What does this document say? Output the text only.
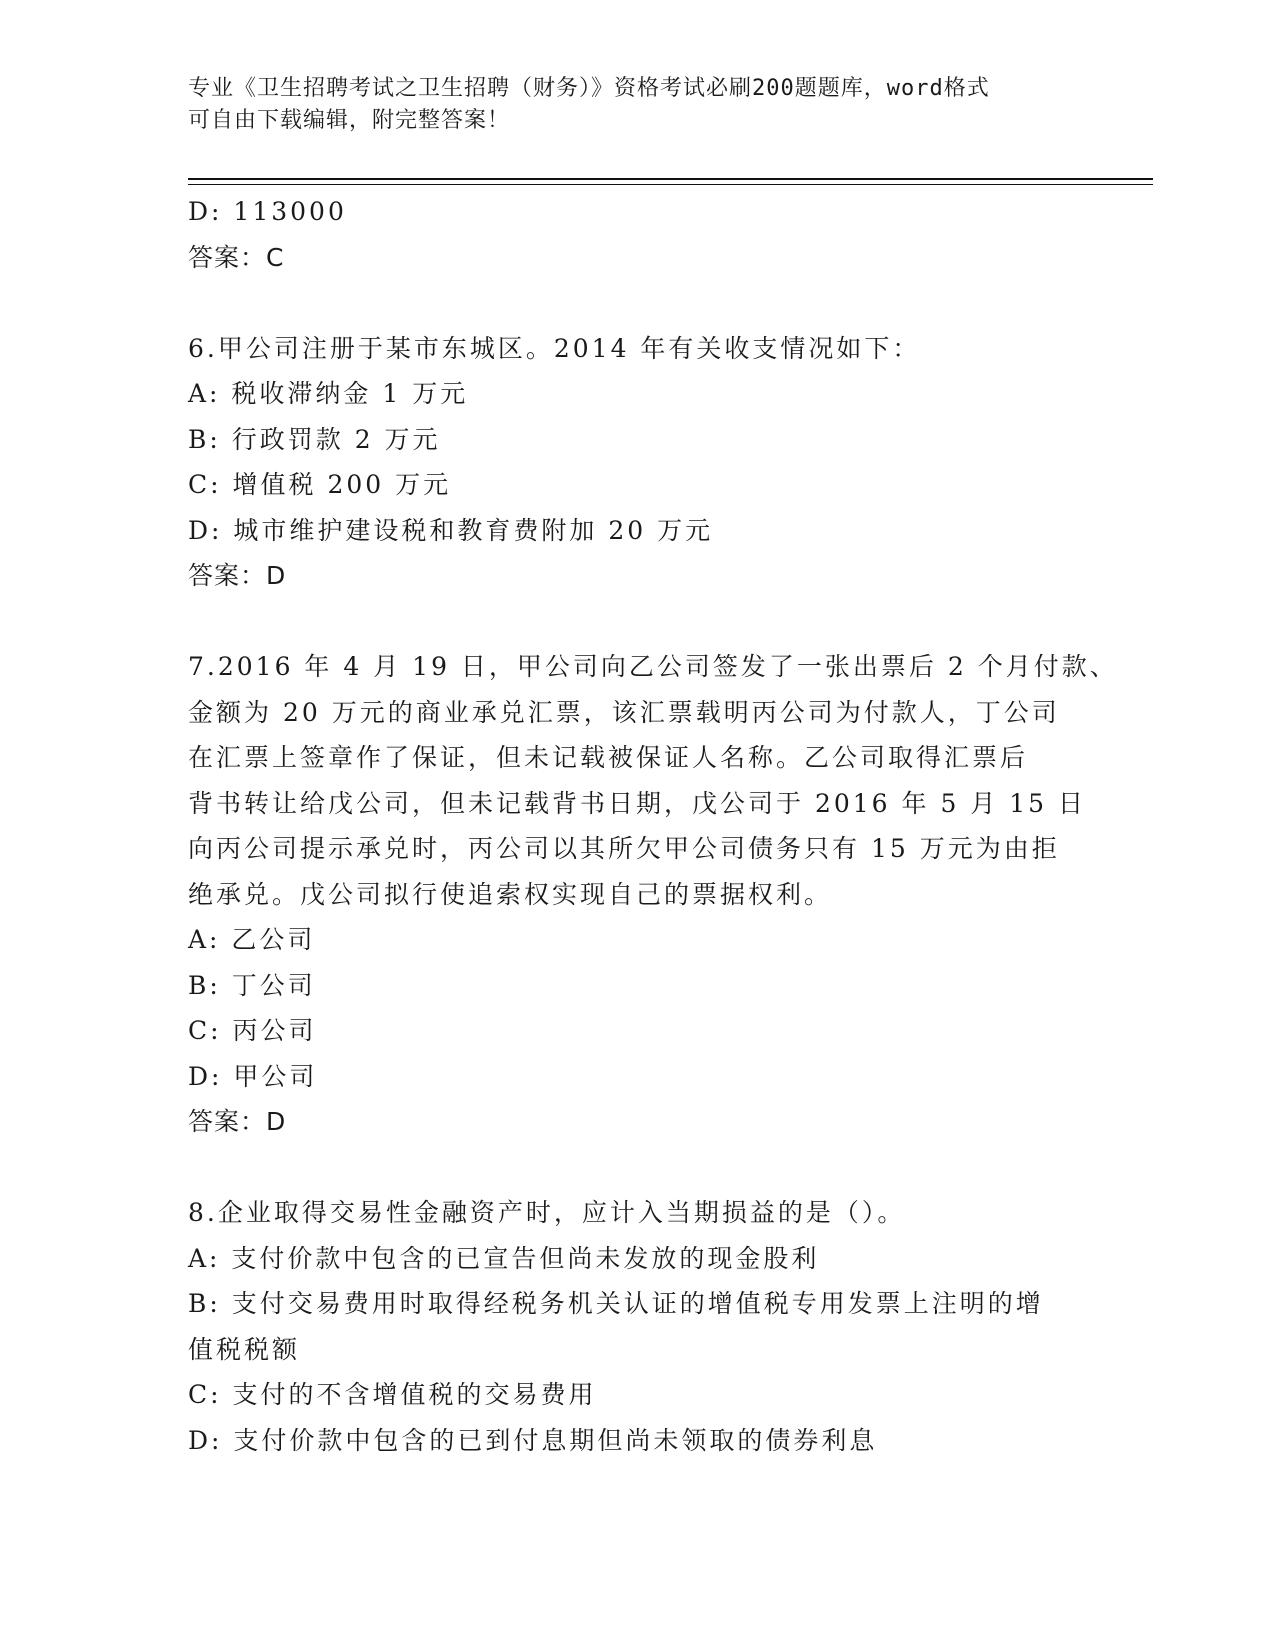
专业《卫生招聘考试之卫生招聘（财务）》资格考试必刷200题题库，word格式
可自由下载编辑，附完整答案！
D: 113000
答案：C
6.甲公司注册于某市东城区。2014 年有关收支情况如下：
A: 税收滞纳金 1 万元
B: 行政罚款 2 万元
C: 增值税 200 万元
D: 城市维护建设税和教育费附加 20 万元
答案：D
7.2016 年 4 月 19 日，甲公司向乙公司签发了一张出票后 2 个月付款、
金额为 20 万元的商业承兑汇票，该汇票载明丙公司为付款人，丁公司
在汇票上签章作了保证，但未记载被保证人名称。乙公司取得汇票后
背书转让给戊公司，但未记载背书日期，戊公司于 2016 年 5 月 15 日
向丙公司提示承兑时，丙公司以其所欠甲公司债务只有 15 万元为由拒
绝承兑。戊公司拟行使追索权实现自己的票据权利。
A: 乙公司
B: 丁公司
C: 丙公司
D: 甲公司
答案：D
8.企业取得交易性金融资产时，应计入当期损益的是（）。
A: 支付价款中包含的已宣告但尚未发放的现金股利
B: 支付交易费用时取得经税务机关认证的增值税专用发票上注明的增
值税税额
C: 支付的不含增值税的交易费用
D: 支付价款中包含的已到付息期但尚未领取的债券利息
